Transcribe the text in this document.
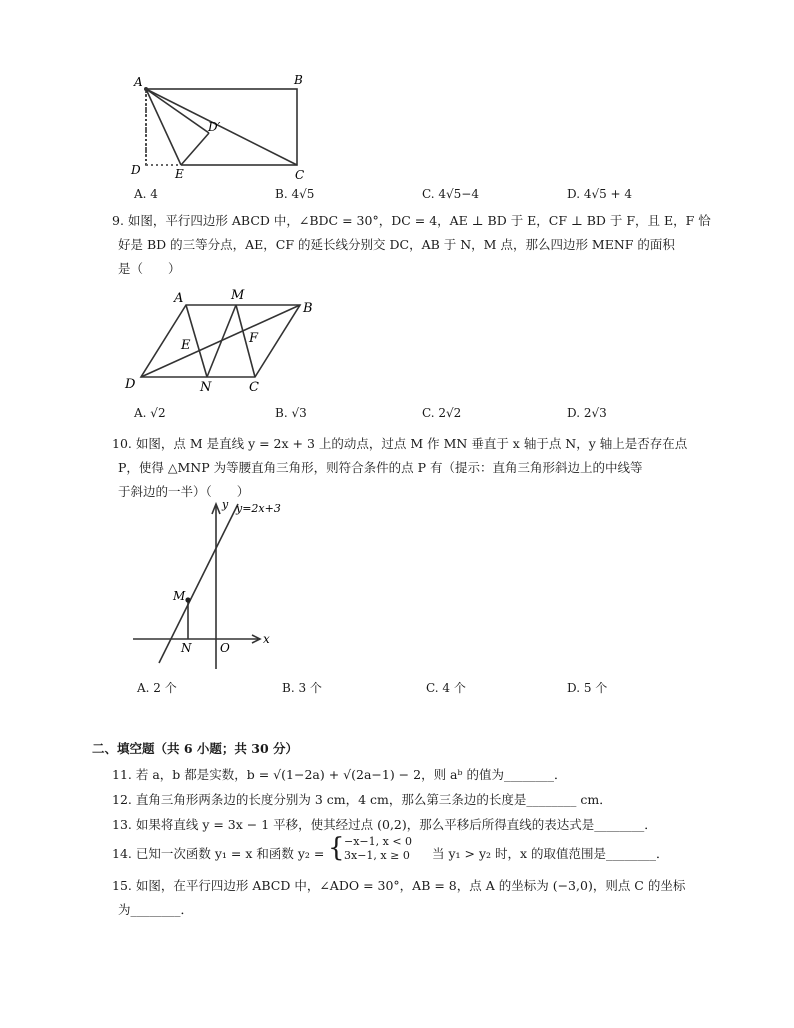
A	B
C
D	E
D′
A. 4	B. 4√5	C. 4√5−4	D. 4√5 + 4
9. 如图，平行四边形 ABCD 中，∠BDC = 30°，DC = 4，AE ⊥ BD 于 E，CF ⊥ BD 于 F，且 E，F 恰
好是 BD 的三等分点，AE，CF 的延长线分别交 DC，AB 于 N，M 点，那么四边形 MENF 的面积
是（　　）
A	M
B
E	F
D	N	C
A. √2	B. √3	C. 2√2	D. 2√3
10. 如图，点 M 是直线 y = 2x + 3 上的动点，过点 M 作 MN 垂直于 x 轴于点 N，y 轴上是否存在点
P，使得 △MNP 为等腰直角三角形，则符合条件的点 P 有（提示：直角三角形斜边上的中线等
于斜边的一半）（　　）
y y=2x+3
M
N O
x
A. 2 个	B. 3 个	C. 4 个	D. 5 个
二、填空题（共 6 小题；共 30 分）
11. 若 a，b 都是实数，b = √(1−2a) + √(2a−1) − 2，则 aᵇ 的值为________．
12. 直角三角形两条边的长度分别为 3 cm，4 cm，那么第三条边的长度是________ cm．
13. 如果将直线 y = 3x − 1 平移，使其经过点 (0,2)，那么平移后所得直线的表达式是________．
14. 已知一次函数 y₁ = x 和函数 y₂ = { −x−1, x < 0
3x−1, x ≥ 0 当 y₁ > y₂ 时，x 的取值范围是________．
15. 如图，在平行四边形 ABCD 中，∠ADO = 30°，AB = 8，点 A 的坐标为 (−3,0)，则点 C 的坐标
为________．
